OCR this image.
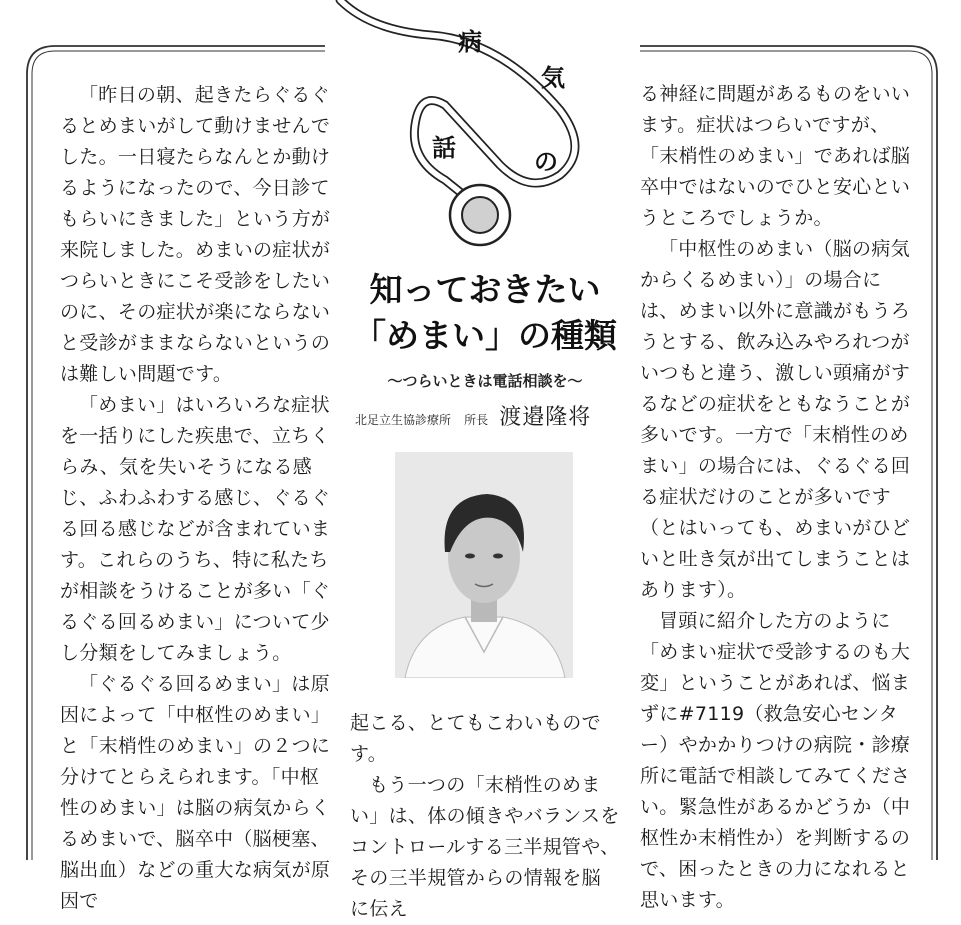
病
気
の
話
知っておきたい
「めまい」の種類
〜つらいときは電話相談を〜
北足立生協診療所 所長 渡邉隆将

「昨日の朝、起きたらぐるぐるとめまいがして動けませんでした。一日寝たらなんとか動けるようになったので、今日診てもらいにきました」という方が来院しました。めまいの症状がつらいときにこそ受診をしたいのに、その症状が楽にならないと受診がままならないというのは難しい問題です。

「めまい」はいろいろな症状を一括りにした疾患で、立ちくらみ、気を失いそうになる感じ、ふわふわする感じ、ぐるぐる回る感じなどが含まれています。これらのうち、特に私たちが相談をうけることが多い「ぐるぐる回るめまい」について少し分類をしてみましょう。

「ぐるぐる回るめまい」は原因によって「中枢性のめまい」と「末梢性のめまい」の２つに分けてとらえられます。「中枢性のめまい」は脳の病気からくるめまいで、脳卒中（脳梗塞、脳出血）などの重大な病気が原因で

起こる、とてもこわいものです。

もう一つの「末梢性のめまい」は、体の傾きやバランスをコントロールする三半規管や、その三半規管からの情報を脳に伝え

る神経に問題があるものをいいます。症状はつらいですが、「末梢性のめまい」であれば脳卒中ではないのでひと安心というところでしょうか。

「中枢性のめまい（脳の病気からくるめまい）」の場合には、めまい以外に意識がもうろうとする、飲み込みやろれつがいつもと違う、激しい頭痛がするなどの症状をともなうことが多いです。一方で「末梢性のめまい」の場合には、ぐるぐる回る症状だけのことが多いです（とはいっても、めまいがひどいと吐き気が出てしまうことはあります）。

冒頭に紹介した方のように「めまい症状で受診するのも大変」ということがあれば、悩まずに#7119（救急安心センター）やかかりつけの病院・診療所に電話で相談してみてください。緊急性があるかどうか（中枢性か末梢性か）を判断するので、困ったときの力になれると思います。
